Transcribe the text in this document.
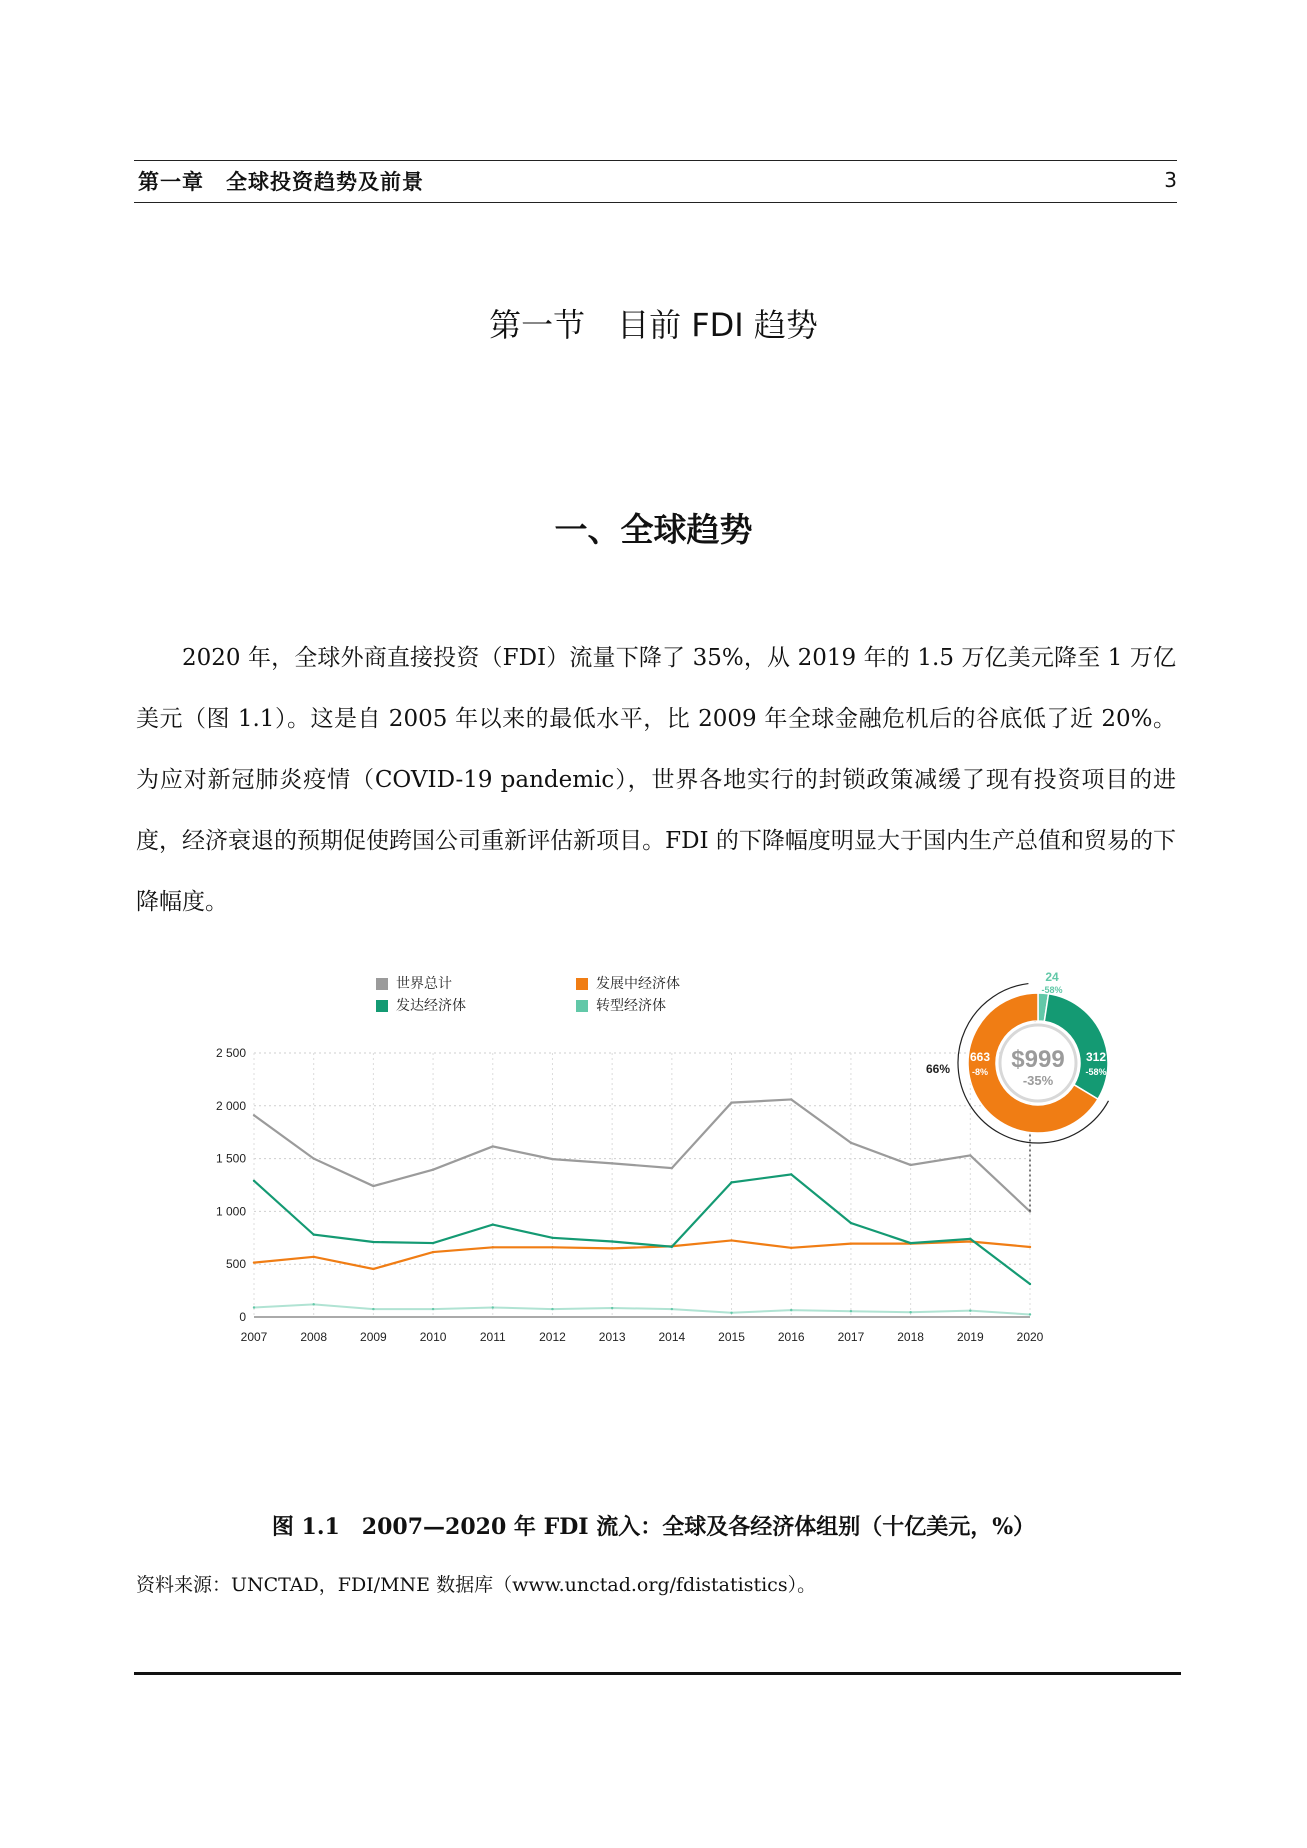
第一章　全球投资趋势及前景	3
第一节　目前 FDI 趋势
一、全球趋势
2020 年，全球外商直接投资（FDI）流量下降了 35%，从 2019 年的 1.5 万亿美元降至 1 万亿美元（图 1.1）。这是自 2005 年以来的最低水平，比 2009 年全球金融危机后的谷底低了近 20%。为应对新冠肺炎疫情（COVID-19 pandemic），世界各地实行的封锁政策减缓了现有投资项目的进度，经济衰退的预期促使跨国公司重新评估新项目。FDI 的下降幅度明显大于国内生产总值和贸易的下降幅度。
0
500
1 000
1 500
2 000
2 500
2007	2008	2009	2010	2011	2012	2013	2014	2015	2016	2017	2018	2019	2020
世界总计	发展中经济体
发达经济体	转型经济体
66%	$999
-35%
663
-8%
312
-58%
24
-58%
图 1.1　2007—2020 年 FDI 流入：全球及各经济体组别（十亿美元，%）
资料来源：UNCTAD，FDI/MNE 数据库（www.unctad.org/fdistatistics）。
